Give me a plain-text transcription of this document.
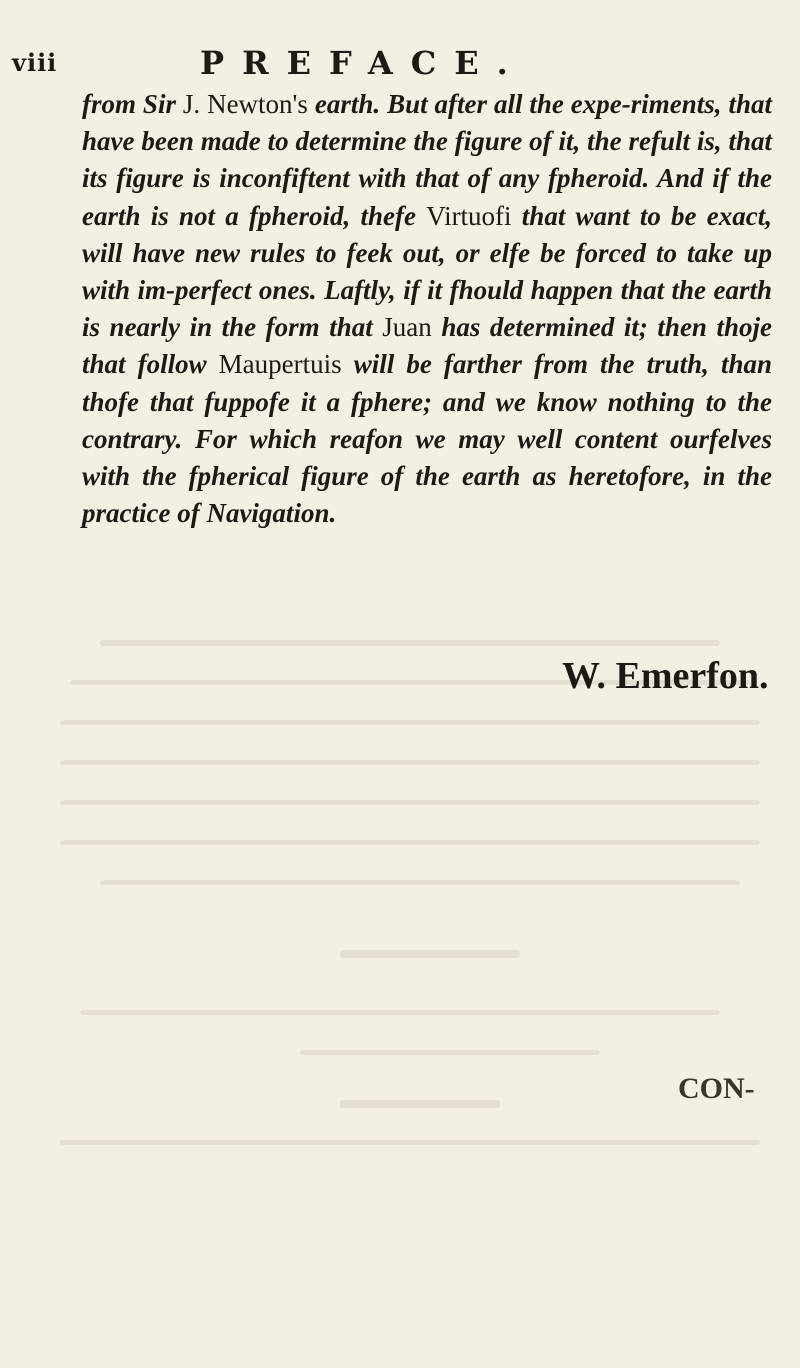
viii	PREFACE.
from Sir J. Newton's earth. But after all the expe-riments, that have been made to determine the figure of it, the refult is, that its figure is inconfiftent with that of any fpheroid. And if the earth is not a fpheroid, thefe Virtuofi that want to be exact, will have new rules to feek out, or elfe be forced to take up with im-perfect ones. Laftly, if it fhould happen that the earth is nearly in the form that Juan has determined it; then thoje that follow Maupertuis will be farther from the truth, than thofe that fuppofe it a fphere; and we know nothing to the contrary. For which reafon we may well content ourfelves with the fpherical figure of the earth as heretofore, in the practice of Navigation.
W. Emerfon.
CON-
